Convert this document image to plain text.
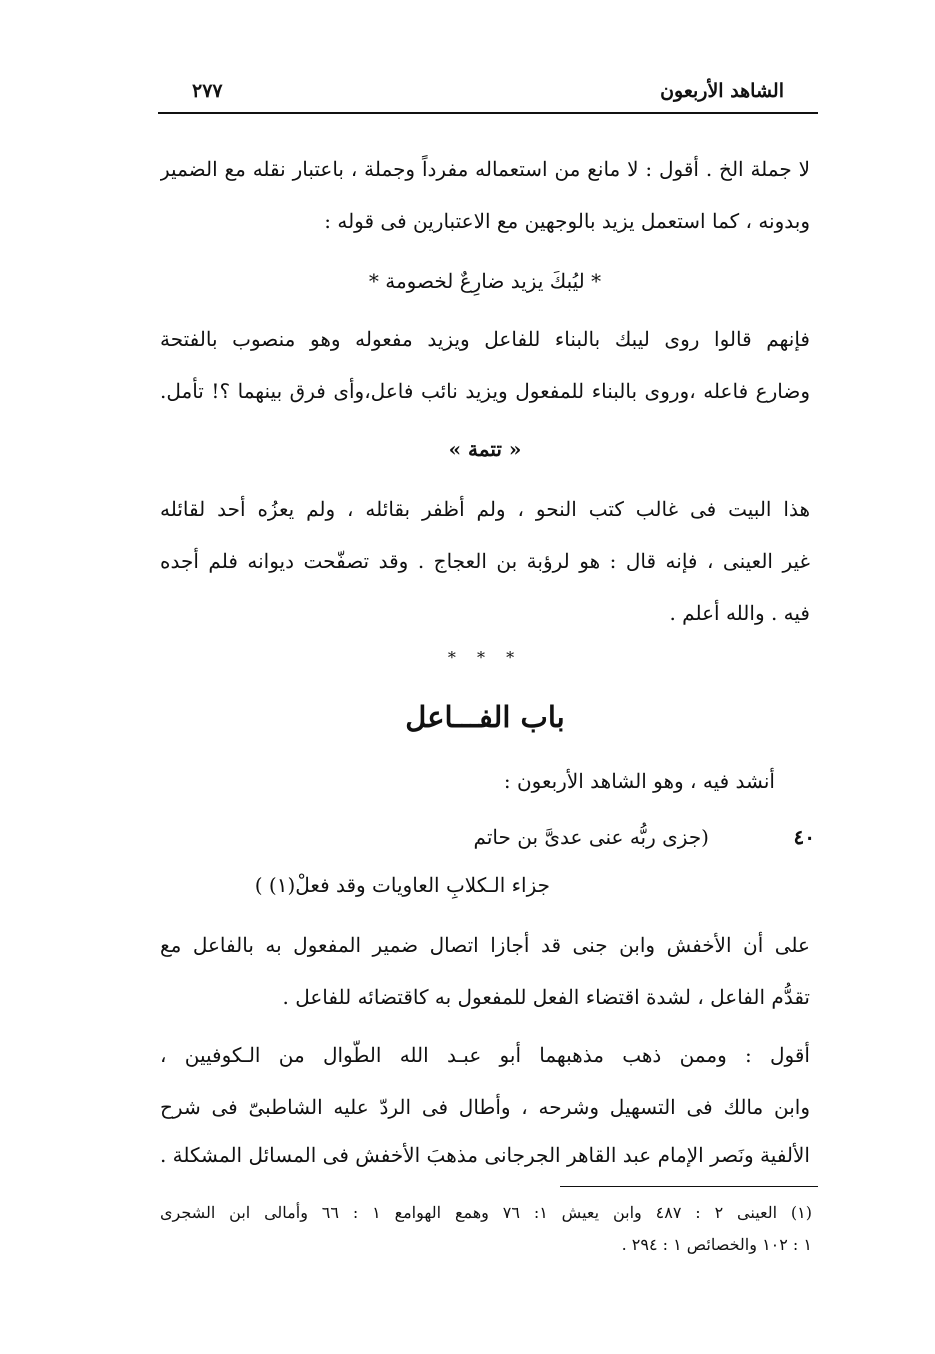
الشاهد الأربعون
٢٧٧
لا جملة الخ . أقول : لا مانع من استعماله مفرداً وجملة ، باعتبار نقله مع الضمير
وبدونه ، كما استعمل يزيد بالوجهين مع الاعتبارين فى قوله :
* ليُبكَ يزيد ضارِعٌ لخصومة *
فإنهم قالوا روى ليبك بالبناء للفاعل ويزيد مفعوله وهو منصوب بالفتحة
وضارع فاعله ،وروى بالبناء للمفعول ويزيد نائب فاعل،وأى فرق بينهما ؟! تأمل.
« تتمة »
هذا البيت فى غالب كتب النحو ، ولم أظفر بقائله ، ولم يعزُه أحد لقائله
غير العينى ، فإنه قال : هو لرؤبة بن العجاج . وقد تصفّحت ديوانه فلم أجده
فيه . والله أعلم .
* * *
باب الفـــاعل
أنشد فيه ، وهو الشاهد الأربعون :
٤٠
(جزى ربُّه عنى عدىَّ بن حاتم
جزاء الـكلابِ العاويات وقد فعلْ(١) )
على أن الأخفش وابن جنى قد أجازا اتصال ضمير المفعول به بالفاعل مع
تقدُّم الفاعل ، لشدة اقتضاء الفعل للمفعول به كاقتضائه للفاعل .
أقول : وممن ذهب مذهبهما أبو عبـد الله الطُّوال من الـكوفيين ،
وابن مالك فى التسهيل وشرحه ، وأطال فى الردّ عليه الشاطبىّ فى شرح
الألفية ونَصر الإمام عبد القاهر الجرجانى مذهبَ الأخفش فى المسائل المشكلة .
(١) العينى ٢ : ٤٨٧ وابن يعيش ١: ٧٦ وهمع الهوامع ١ : ٦٦ وأمالى ابن الشجرى
١ : ١٠٢ والخصائص ١ : ٢٩٤ .
